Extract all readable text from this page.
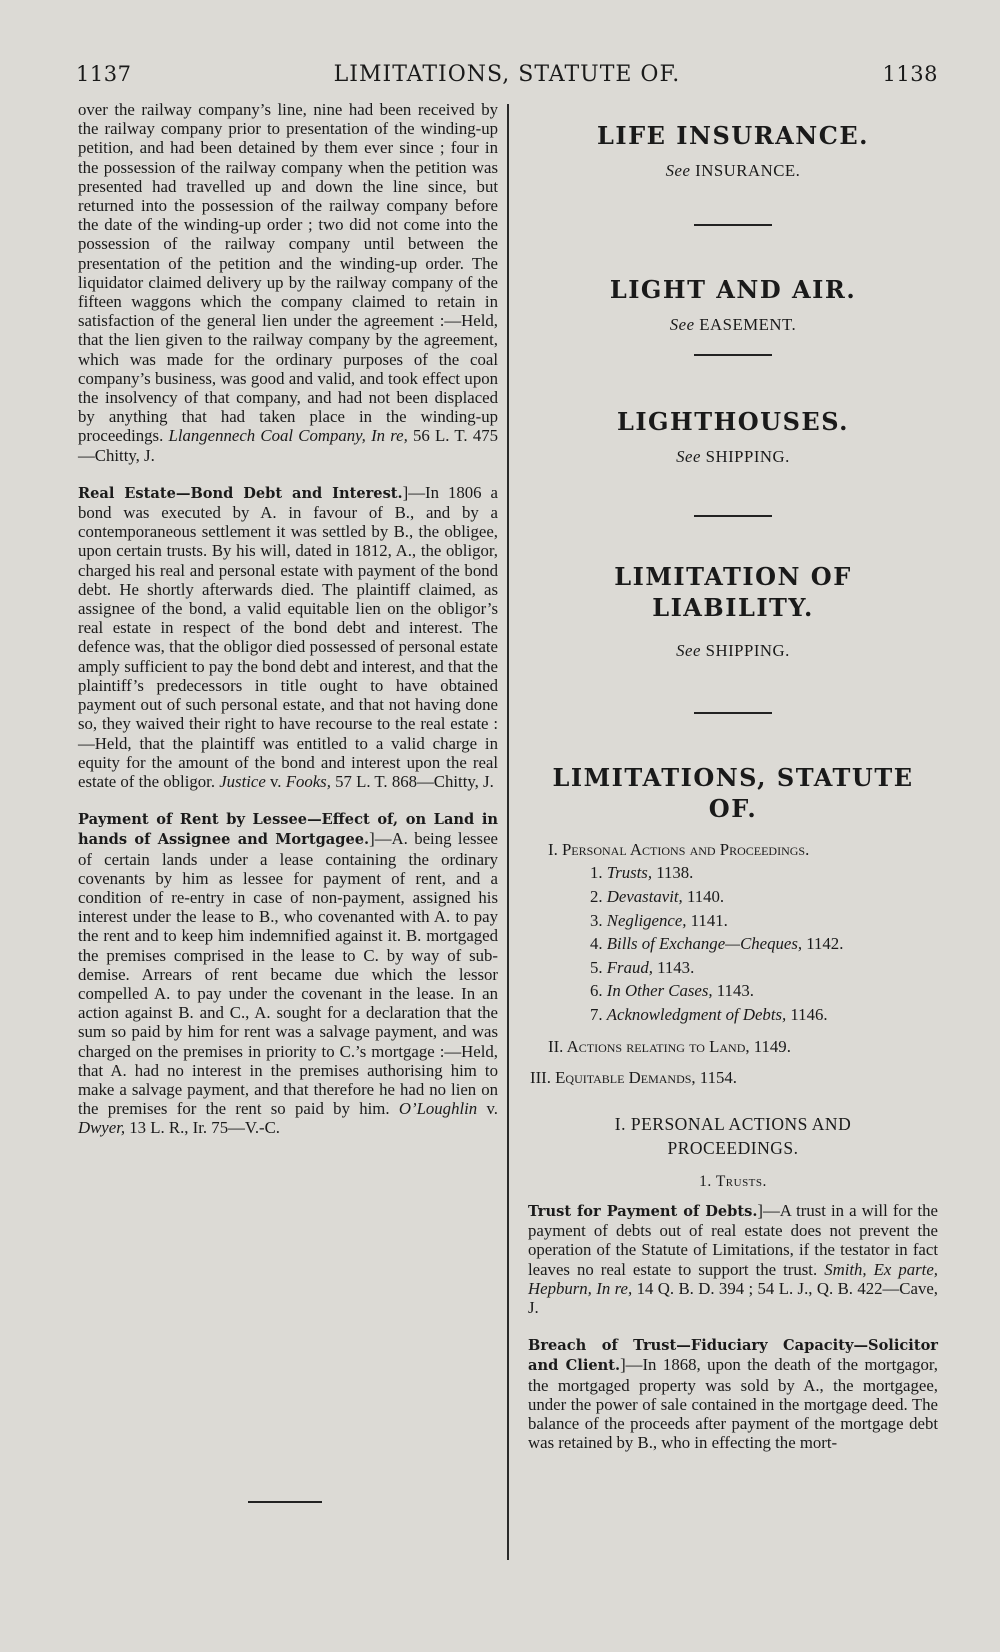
1137	LIMITATIONS, STATUTE OF.	1138

over the railway company’s line, nine had been received by the railway company prior to presentation of the winding-up petition, and had been detained by them ever since ; four in the possession of the railway company when the petition was presented had travelled up and down the line since, but returned into the possession of the railway company before the date of the winding-up order ; two did not come into the possession of the railway company until between the presentation of the petition and the winding-up order. The liquidator claimed delivery up by the railway company of the fifteen waggons which the company claimed to retain in satisfaction of the general lien under the agreement :—Held, that the lien given to the railway company by the agreement, which was made for the ordinary purposes of the coal company’s business, was good and valid, and took effect upon the insolvency of that company, and had not been displaced by anything that had taken place in the winding-up proceedings. Llangennech Coal Company, In re, 56 L. T. 475—Chitty, J.

Real Estate—Bond Debt and Interest.]—In 1806 a bond was executed by A. in favour of B., and by a contemporaneous settlement it was settled by B., the obligee, upon certain trusts. By his will, dated in 1812, A., the obligor, charged his real and personal estate with payment of the bond debt. He shortly afterwards died. The plaintiff claimed, as assignee of the bond, a valid equitable lien on the obligor’s real estate in respect of the bond debt and interest. The defence was, that the obligor died possessed of personal estate amply sufficient to pay the bond debt and interest, and that the plaintiff’s predecessors in title ought to have obtained payment out of such personal estate, and that not having done so, they waived their right to have recourse to the real estate :—Held, that the plaintiff was entitled to a valid charge in equity for the amount of the bond and interest upon the real estate of the obligor. Justice v. Fooks, 57 L. T. 868—Chitty, J.

Payment of Rent by Lessee—Effect of, on Land in hands of Assignee and Mortgagee.]—A. being lessee of certain lands under a lease containing the ordinary covenants by him as lessee for payment of rent, and a condition of re-entry in case of non-payment, assigned his interest under the lease to B., who covenanted with A. to pay the rent and to keep him indemnified against it. B. mortgaged the premises comprised in the lease to C. by way of sub-demise. Arrears of rent became due which the lessor compelled A. to pay under the covenant in the lease. In an action against B. and C., A. sought for a declaration that the sum so paid by him for rent was a salvage payment, and was charged on the premises in priority to C.’s mortgage :—Held, that A. had no interest in the premises authorising him to make a salvage payment, and that therefore he had no lien on the premises for the rent so paid by him. O’Loughlin v. Dwyer, 13 L. R., Ir. 75—V.-C.

LIFE INSURANCE.

See INSURANCE.

LIGHT AND AIR.

See EASEMENT.

LIGHTHOUSES.

See SHIPPING.

LIMITATION OF

LIABILITY.

See SHIPPING.

LIMITATIONS, STATUTE

OF.

I. Personal Actions and Proceedings.
1. Trusts, 1138.
2. Devastavit, 1140.
3. Negligence, 1141.
4. Bills of Exchange—Cheques, 1142.
5. Fraud, 1143.
6. In Other Cases, 1143.
7. Acknowledgment of Debts, 1146.
II. Actions relating to Land, 1149.
III. Equitable Demands, 1154.
I. PERSONAL ACTIONS AND
PROCEEDINGS.
1. Trusts.

Trust for Payment of Debts.]—A trust in a will for the payment of debts out of real estate does not prevent the operation of the Statute of Limitations, if the testator in fact leaves no real estate to support the trust. Smith, Ex parte, Hepburn, In re, 14 Q. B. D. 394 ; 54 L. J., Q. B. 422—Cave, J.

Breach of Trust—Fiduciary Capacity—Solicitor and Client.]—In 1868, upon the death of the mortgagor, the mortgaged property was sold by A., the mortgagee, under the power of sale contained in the mortgage deed. The balance of the proceeds after payment of the mortgage debt was retained by B., who in effecting the mort-
